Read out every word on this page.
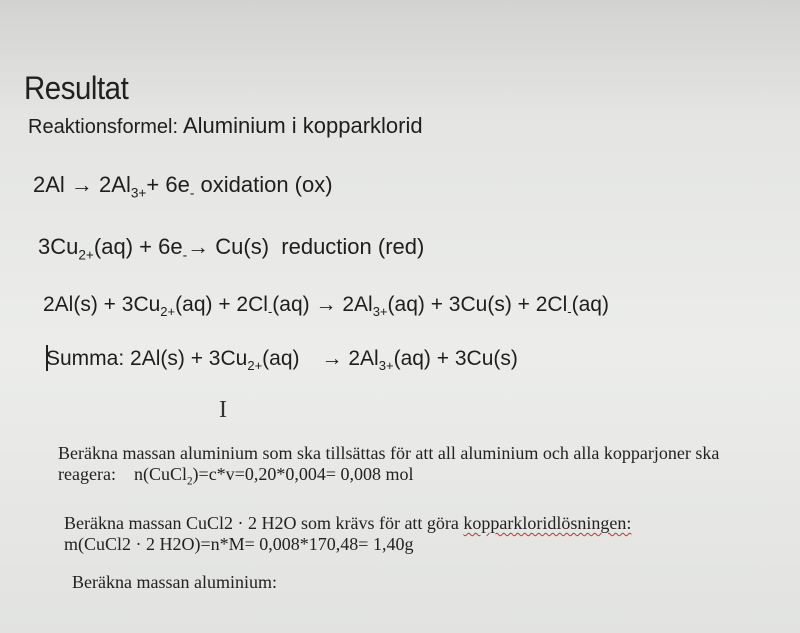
Resultat
Reaktionsformel: Aluminium i kopparklorid
$2Al \to 2Al_{3+}+ 6e_-$ oxidation (ox)
$3Cu_{2+}(aq) + 6e_-\to Cu(s)$ reduction (red)
$2Al(s) + 3Cu_{2+}(aq) + 2Cl_-(aq) \to 2Al_{3+}(aq) + 3Cu(s) + 2Cl_-(aq)$
Summa: $2Al(s) + 3Cu_{2+}(aq) \to 2Al_{3+}(aq) + 3Cu(s)$
I
Beräkna massan aluminium som ska tillsättas för att all aluminium och alla kopparjoner ska reagera: n(CuCl$_2$)=c*v=0,20*0,004= 0,008 mol
Beräkna massan CuCl2 · 2 H2O som krävs för att göra kopparkloridlösningen:
m(CuCl2 · 2 H2O)=n*M= 0,008*170,48= 1,40g
Beräkna massan aluminium:
